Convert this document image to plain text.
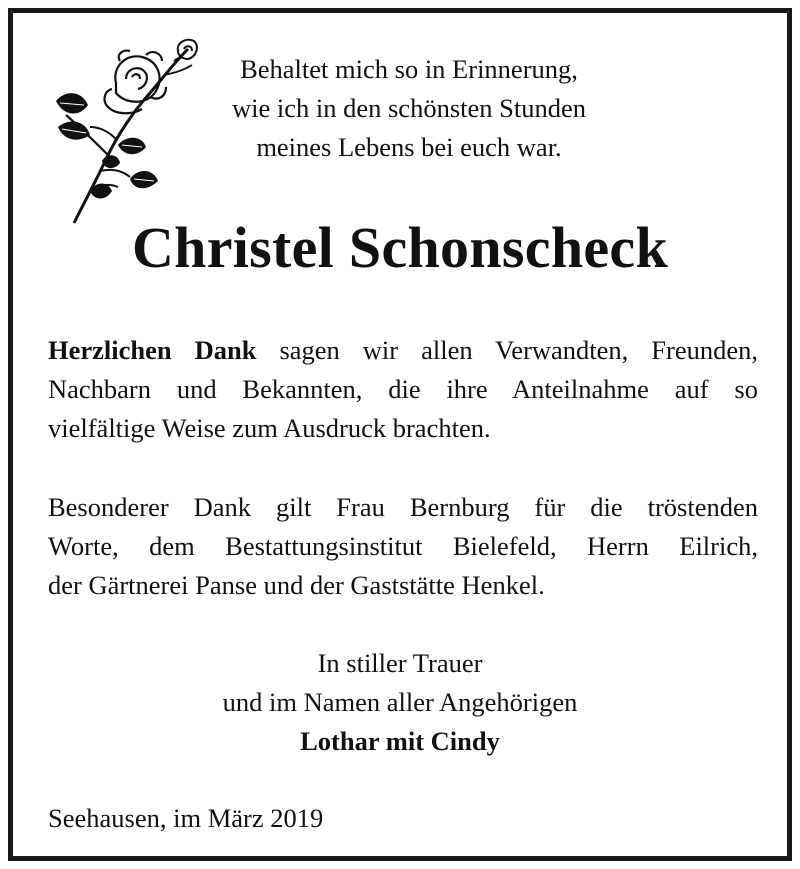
Behaltet mich so in Erinnerung,
wie ich in den schönsten Stunden
meines Lebens bei euch war.
Christel Schonscheck
Herzlichen Dank sagen wir allen Verwandten, Freunden,
Nachbarn und Bekannten, die ihre Anteilnahme auf so
vielfältige Weise zum Ausdruck brachten.
Besonderer Dank gilt Frau Bernburg für die tröstenden
Worte, dem Bestattungsinstitut Bielefeld, Herrn Eilrich,
der Gärtnerei Panse und der Gaststätte Henkel.
In stiller Trauer
und im Namen aller Angehörigen
Lothar mit Cindy
Seehausen, im März 2019
